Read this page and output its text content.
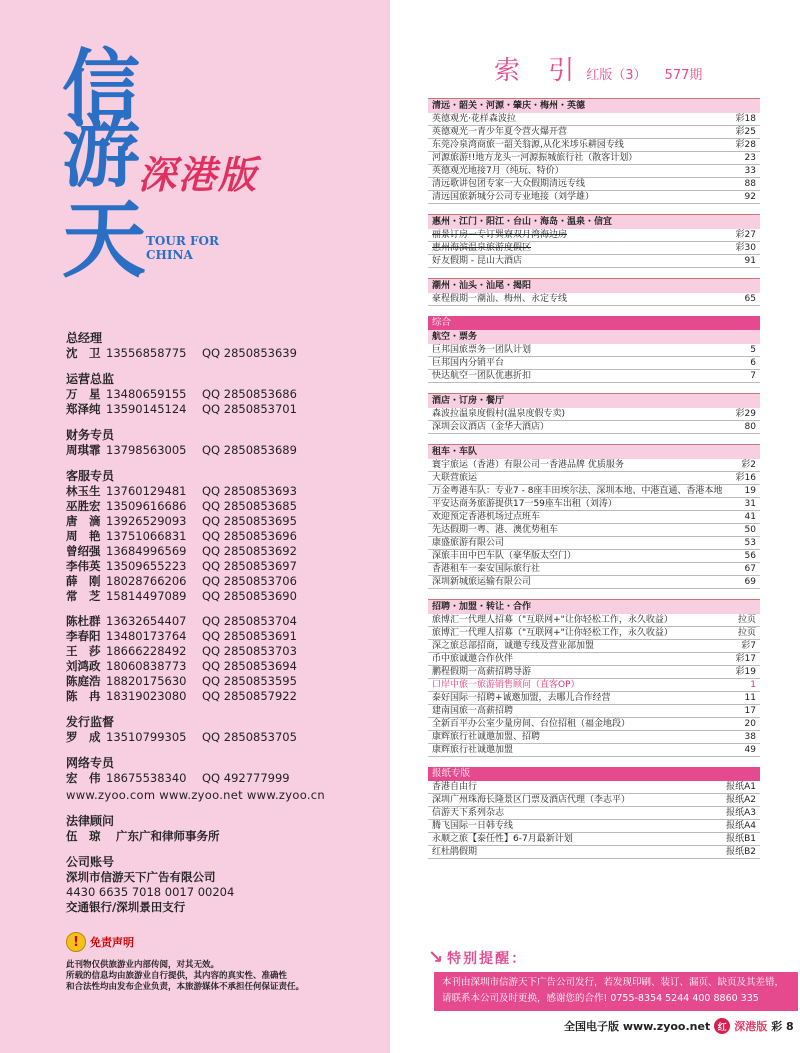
信
游
天
深港版
TOUR FOR CHINA
总经理
沈　卫 13556858775	QQ 2850853639
运营总监
万　星 13480659155	QQ 2850853686
郑泽纯 13590145124	QQ 2850853701
财务专员
周琪霏 13798563005	QQ 2850853689
客服专员
林玉生 13760129481	QQ 2850853693
巫胜宏 13509616686	QQ 2850853685
唐　滴 13926529093	QQ 2850853695
周　艳 13751066831	QQ 2850853696
曾绍强 13684996569	QQ 2850853692
李伟英 13509655223	QQ 2850853697
薛　刚 18028766206	QQ 2850853706
常　芝 15814497089	QQ 2850853690
陈杜群 13632654407	QQ 2850853704
李春阳 13480173764	QQ 2850853691
王　莎 18666228492	QQ 2850853703
刘鸿政 18060838773	QQ 2850853694
陈庭浩 18820175630	QQ 2850853595
陈　冉 18319023080	QQ 2850857922
发行监督
罗　成 13510799305	QQ 2850853705
网络专员
宏　伟 18675538340	QQ 492777999
www.zyoo.com www.zyoo.net www.zyoo.cn
法律顾问
伍　琼 广东广和律师事务所
公司账号
深圳市信游天下广告有限公司
4430 6635 7018 0017 00204
交通银行/深圳景田支行
!	免责声明
此刊物仅供旅游业内部传阅，对其无效。
所载的信息均由旅游业自行提供，其内容的真实性、准确性
和合法性均由发布企业负责，本旅游媒体不承担任何保证责任。
索 引 红版（3） 577期
清远・韶关・河源・肇庆・梅州・英德
英德观光·花样森波拉	彩18
英德观光一青少年夏令营火爆开营	彩25
东莞冷泉湾商旅一韶关翁源,从化米埗乐耕园专线	彩28
河源旅游!!地方龙头一河源振城旅行社（散客计划）	23
英德观光地接7月（纯玩、特价）	33
清远歌讲包团专家一大众假期清远专线	88
清远国旅新城分公司专业地接（刘学雄）	92
惠州・江门・阳江・台山・海岛・温泉・信宜
丽景订房一专订巽寮双月湾海边房	彩27
惠州海滨温泉旅游度假区	彩30
好友假期 - 昆山大酒店	91
潮州・汕头・汕尾・揭阳
豪程假期一潮汕、梅州、永定专线	65
综合
航空・票务
巨邦国旅票务一团队计划	5
巨邦国内分销平台	6
快达航空一团队优惠折扣	7
酒店・订房・餐厅
森波拉温泉度假村(温泉度假专卖)	彩29
深圳会议酒店（金华大酒店）	80
租车・车队
寰宇旅运（香港）有限公司一香港品牌 优质服务	彩2
大联营旅运	彩16
万金粤港车队：专业7 - 8座丰田埃尔法、深圳本地、中港直通、香港本地 19
平安达商务旅游提供17一59座车出租（刘涛）	31
欢迎预定香港机场过点班车	41
先达假期一粤、港、澳优势租车	50
康盛旅游有限公司	53
深旅丰田中巴车队（豪华版太空门）	56
香港租车一泰安国际旅行社	67
深圳新城旅运输有限公司	69
招聘・加盟・转让・合作
旅博汇一代理人招募（"互联网+"让你轻松工作，永久收益）	拉页
旅博汇一代理人招募（"互联网+"让你轻松工作，永久收益）	拉页
深之旅总部招商，诚邀专线及营业部加盟	彩7
币中旅诚邀合作伙伴	彩17
鹏程假期一高薪招聘导游	彩19
口岸中旅一旅游销售顾问（直客OP）	1
泰好国际一招聘+诚邀加盟，去哪儿合作经营	11
建南国旅一高薪招聘	17
全新百平办公室少量房间、台位招租（福金地段）	20
康辉旅行社诚邀加盟、招聘	38
康辉旅行社诚邀加盟	49
报纸专版
香港自由行	报纸A1
深圳广州珠海长隆景区门票及酒店代理（李志平）	报纸A2
信游天下系列杂志	报纸A3
腾飞国际一日韩专线	报纸A4
永顺之旅【泰任性】6-7月最新计划	报纸B1
红杜鹃假期	报纸B2
↘ 特别提醒：
本刊由深圳市信游天下广告公司发行，若发现印刷、装订、漏页、缺页及其差错，
请联系本公司及时更换，感谢您的合作! 0755-8354 5244 400 8860 335
全国电子版 www.zyoo.net 红 深港版 彩 8
